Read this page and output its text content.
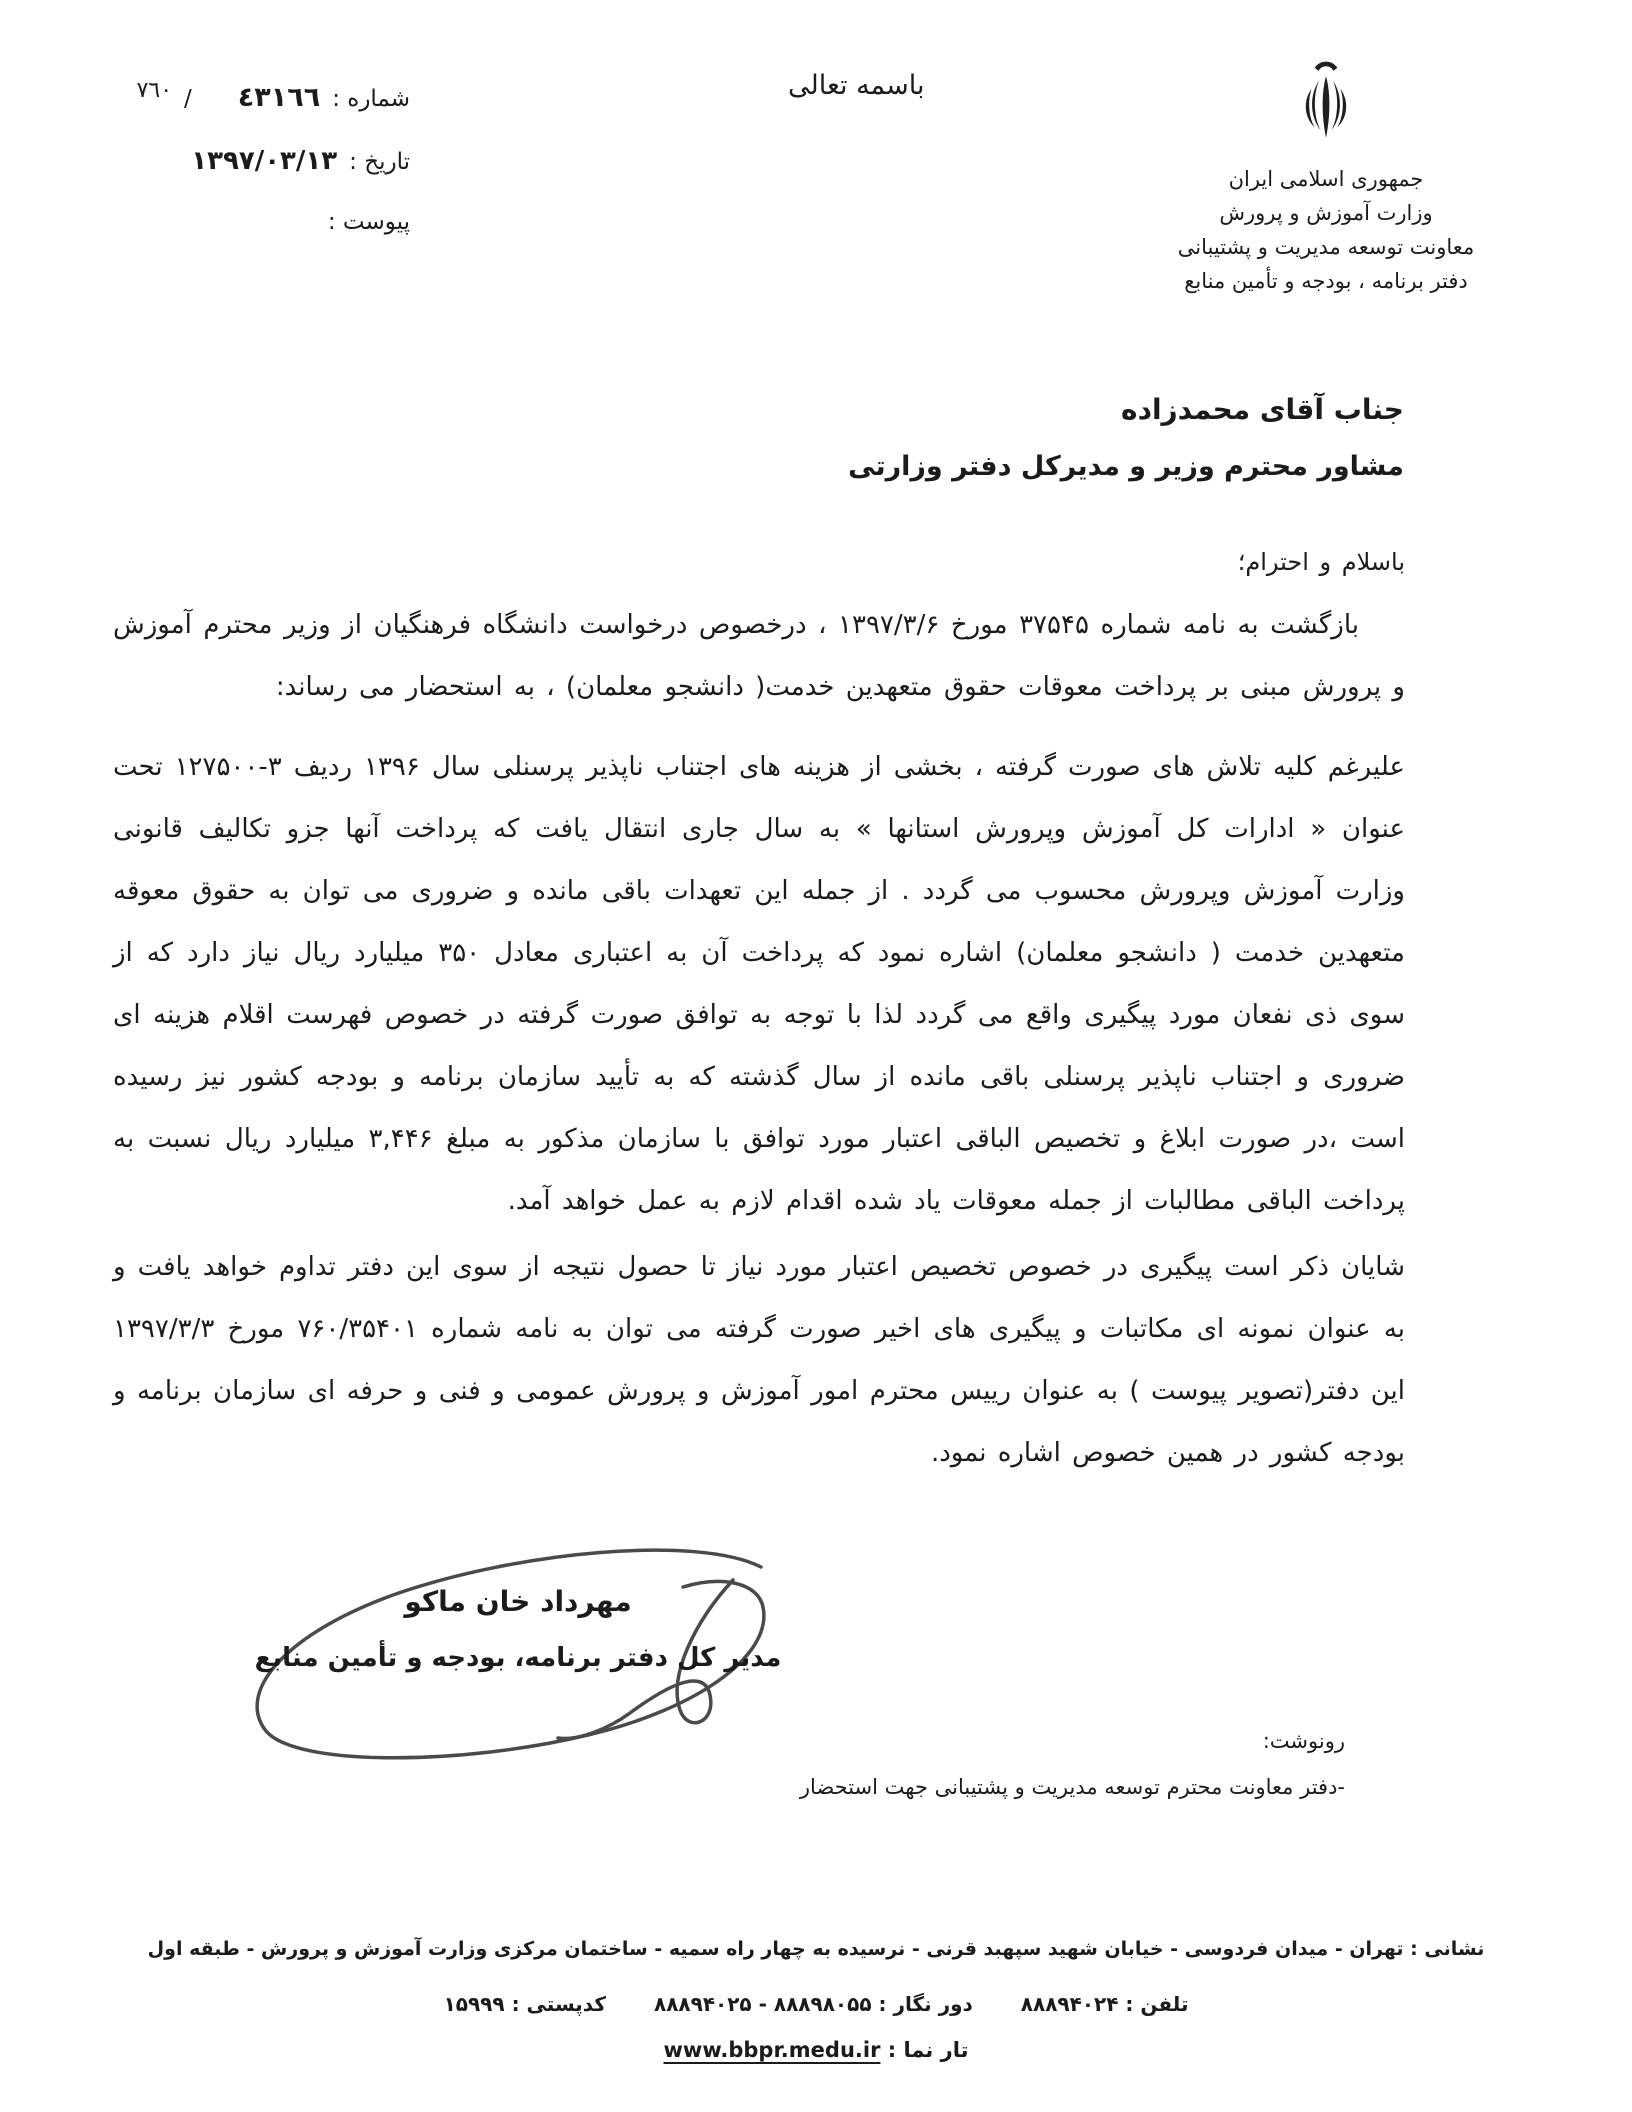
شماره :
٤٣١٦٦
/
٧٦٠
تاریخ :
۱۳۹۷/۰۳/۱۳
پیوست :
باسمه تعالی
جمهوری اسلامی ایران
وزارت آموزش و پرورش
معاونت توسعه مدیریت و پشتیبانی
دفتر برنامه ، بودجه و تأمین منابع
جناب آقای محمدزاده
مشاور محترم وزیر و مدیرکل دفتر وزارتی
باسلام و احترام؛

بازگشت به نامه شماره ۳۷۵۴۵ مورخ ۱۳۹۷/۳/۶ ، درخصوص درخواست دانشگاه فرهنگیان از وزیر محترم آموزش و پرورش مبنی بر پرداخت معوقات حقوق متعهدین خدمت( دانشجو معلمان) ، به استحضار می رساند:

علیرغم کلیه تلاش های صورت گرفته ، بخشی از هزینه های اجتناب ناپذیر پرسنلی سال ۱۳۹۶ ردیف ۳-۱۲۷۵۰۰ تحت عنوان « ادارات کل آموزش وپرورش استانها » به سال جاری انتقال یافت که پرداخت آنها جزو تکالیف قانونی وزارت آموزش وپرورش محسوب می گردد . از جمله این تعهدات باقی مانده و ضروری می توان به حقوق معوقه متعهدین خدمت ( دانشجو معلمان) اشاره نمود که پرداخت آن به اعتباری معادل ۳۵۰ میلیارد ریال نیاز دارد که از سوی ذی نفعان مورد پیگیری واقع می گردد لذا با توجه به توافق صورت گرفته در خصوص فهرست اقلام هزینه ای ضروری و اجتناب ناپذیر پرسنلی باقی مانده از سال گذشته که به تأیید سازمان برنامه و بودجه کشور نیز رسیده است ،در صورت ابلاغ و تخصیص الباقی اعتبار مورد توافق با سازمان مذکور به مبلغ ۳,۴۴۶ میلیارد ریال نسبت به پرداخت الباقی مطالبات از جمله معوقات یاد شده اقدام لازم به عمل خواهد آمد.

شایان ذکر است پیگیری در خصوص تخصیص اعتبار مورد نیاز تا حصول نتیجه از سوی این دفتر تداوم خواهد یافت و به عنوان نمونه ای مکاتبات و پیگیری های اخیر صورت گرفته می توان به نامه شماره ۷۶۰/۳۵۴۰۱ مورخ ۱۳۹۷/۳/۳ این دفتر(تصویر پیوست ) به عنوان رییس محترم امور آموزش و پرورش عمومی و فنی و حرفه ای سازمان برنامه و بودجه کشور در همین خصوص اشاره نمود.

مهرداد خان ماکو
مدیر کل دفتر برنامه، بودجه و تأمین منابع
رونوشت:
-دفتر معاونت محترم توسعه مدیریت و پشتیبانی جهت استحضار
نشانی : تهران - میدان فردوسی - خیابان شهید سپهبد قرنی - نرسیده به چهار راه سمیه - ساختمان مرکزی وزارت آموزش و پرورش - طبقه اول
تلفن : ۸۸۸۹۴۰۲۴
دور نگار : ۸۸۸۹۸۰۵۵ - ۸۸۸۹۴۰۲۵
کدپستی : ۱۵۹۹۹
تار نما : www.bbpr.medu.ir
